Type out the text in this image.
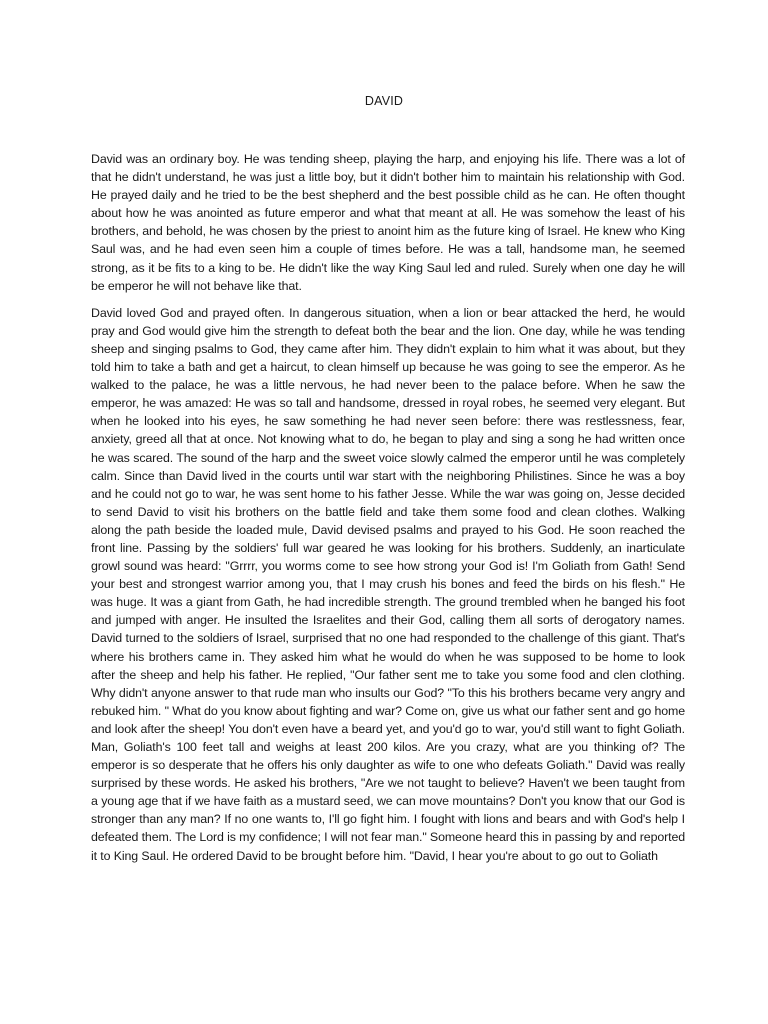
DAVID

David was an ordinary boy. He was tending sheep, playing the harp, and enjoying his life. There was a lot of that he didn't understand, he was just a little boy, but it didn't bother him to maintain his relationship with God. He prayed daily and he tried to be the best shepherd and the best possible child as he can. He often thought about how he was anointed as future emperor and what that meant at all. He was somehow the least of his brothers, and behold, he was chosen by the priest to anoint him as the future king of Israel. He knew who King Saul was, and he had even seen him a couple of times before. He was a tall, handsome man, he seemed strong, as it be fits to a king to be. He didn't like the way King Saul led and ruled. Surely when one day he will be emperor he will not behave like that.

David loved God and prayed often. In dangerous situation, when a lion or bear attacked the herd, he would pray and God would give him the strength to defeat both the bear and the lion. One day, while he was tending sheep and singing psalms to God, they came after him. They didn't explain to him what it was about, but they told him to take a bath and get a haircut, to clean himself up because he was going to see the emperor. As he walked to the palace, he was a little nervous, he had never been to the palace before. When he saw the emperor, he was amazed: He was so tall and handsome, dressed in royal robes, he seemed very elegant. But when he looked into his eyes, he saw something he had never seen before: there was restlessness, fear, anxiety, greed all that at once. Not knowing what to do, he began to play and sing a song he had written once he was scared. The sound of the harp and the sweet voice slowly calmed the emperor until he was completely calm. Since than David lived in the courts until war start with the neighboring Philistines. Since he was a boy and he could not go to war, he was sent home to his father Jesse. While the war was going on, Jesse decided to send David to visit his brothers on the battle field and take them some food and clean clothes. Walking along the path beside the loaded mule, David devised psalms and prayed to his God. He soon reached the front line. Passing by the soldiers' full war geared he was looking for his brothers. Suddenly, an inarticulate growl sound was heard: "Grrrr, you worms come to see how strong your God is! I'm Goliath from Gath! Send your best and strongest warrior among you, that I may crush his bones and feed the birds on his flesh." He was huge. It was a giant from Gath, he had incredible strength. The ground trembled when he banged his foot and jumped with anger. He insulted the Israelites and their God, calling them all sorts of derogatory names. David turned to the soldiers of Israel, surprised that no one had responded to the challenge of this giant. That's where his brothers came in. They asked him what he would do when he was supposed to be home to look after the sheep and help his father. He replied, "Our father sent me to take you some food and clen clothing. Why didn't anyone answer to that rude man who insults our God? "To this his brothers became very angry and rebuked him. " What do you know about fighting and war? Come on, give us what our father sent and go home and look after the sheep! You don't even have a beard yet, and you'd go to war, you'd still want to fight Goliath. Man, Goliath's 100 feet tall and weighs at least 200 kilos. Are you crazy, what are you thinking of? The emperor is so desperate that he offers his only daughter as wife to one who defeats Goliath." David was really surprised by these words. He asked his brothers, "Are we not taught to believe? Haven't we been taught from a young age that if we have faith as a mustard seed, we can move mountains? Don't you know that our God is stronger than any man? If no one wants to, I'll go fight him. I fought with lions and bears and with God's help I defeated them. The Lord is my confidence; I will not fear man." Someone heard this in passing by and reported it to King Saul. He ordered David to be brought before him. "David, I hear you're about to go out to Goliath
